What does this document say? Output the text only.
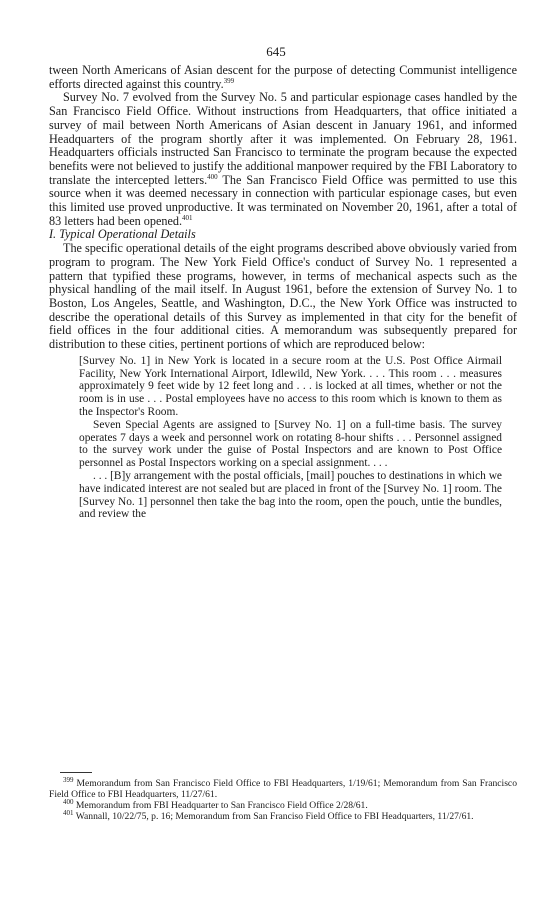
645

tween North Americans of Asian descent for the purpose of detecting Communist intelligence efforts directed against this country.$^{399}$

Survey No. 7 evolved from the Survey No. 5 and particular espionage cases handled by the San Francisco Field Office. Without instructions from Headquarters, that office initiated a survey of mail between North Americans of Asian descent in January 1961, and informed Headquarters of the program shortly after it was implemented. On February 28, 1961. Headquarters officials instructed San Francisco to terminate the program because the expected benefits were not believed to justify the additional manpower required by the FBI Laboratory to translate the intercepted letters.$^{400}$ The San Francisco Field Office was permitted to use this source when it was deemed necessary in connection with particular espionage cases, but even this limited use proved unproductive. It was terminated on November 20, 1961, after a total of 83 letters had been opened.$^{401}$

I. Typical Operational Details

The specific operational details of the eight programs described above obviously varied from program to program. The New York Field Office's conduct of Survey No. 1 represented a pattern that typified these programs, however, in terms of mechanical aspects such as the physical handling of the mail itself. In August 1961, before the extension of Survey No. 1 to Boston, Los Angeles, Seattle, and Washington, D.C., the New York Office was instructed to describe the operational details of this Survey as implemented in that city for the benefit of field offices in the four additional cities. A memorandum was subsequently prepared for distribution to these cities, pertinent portions of which are reproduced below:

[Survey No. 1] in New York is located in a secure room at the U.S. Post Office Airmail Facility, New York International Airport, Idlewild, New York. . . . This room . . . measures approximately 9 feet wide by 12 feet long and . . . is locked at all times, whether or not the room is in use . . . Postal employees have no access to this room which is known to them as the Inspector's Room.

Seven Special Agents are assigned to [Survey No. 1] on a full-time basis. The survey operates 7 days a week and personnel work on rotating 8-hour shifts . . . Personnel assigned to the survey work under the guise of Postal Inspectors and are known to Post Office personnel as Postal Inspectors working on a special assignment. . . .

. . . [B]y arrangement with the postal officials, [mail] pouches to destinations in which we have indicated interest are not sealed but are placed in front of the [Survey No. 1] room. The [Survey No. 1] personnel then take the bag into the room, open the pouch, untie the bundles, and review the

$^{399}$ Memorandum from San Francisco Field Office to FBI Headquarters, 1/19/61; Memorandum from San Francisco Field Office to FBI Headquarters, 11/27/61.

$^{400}$ Memorandum from FBI Headquarter to San Francisco Field Office 2/28/61.

$^{401}$ Wannall, 10/22/75, p. 16; Memorandum from San Franciso Field Office to FBI Headquarters, 11/27/61.
